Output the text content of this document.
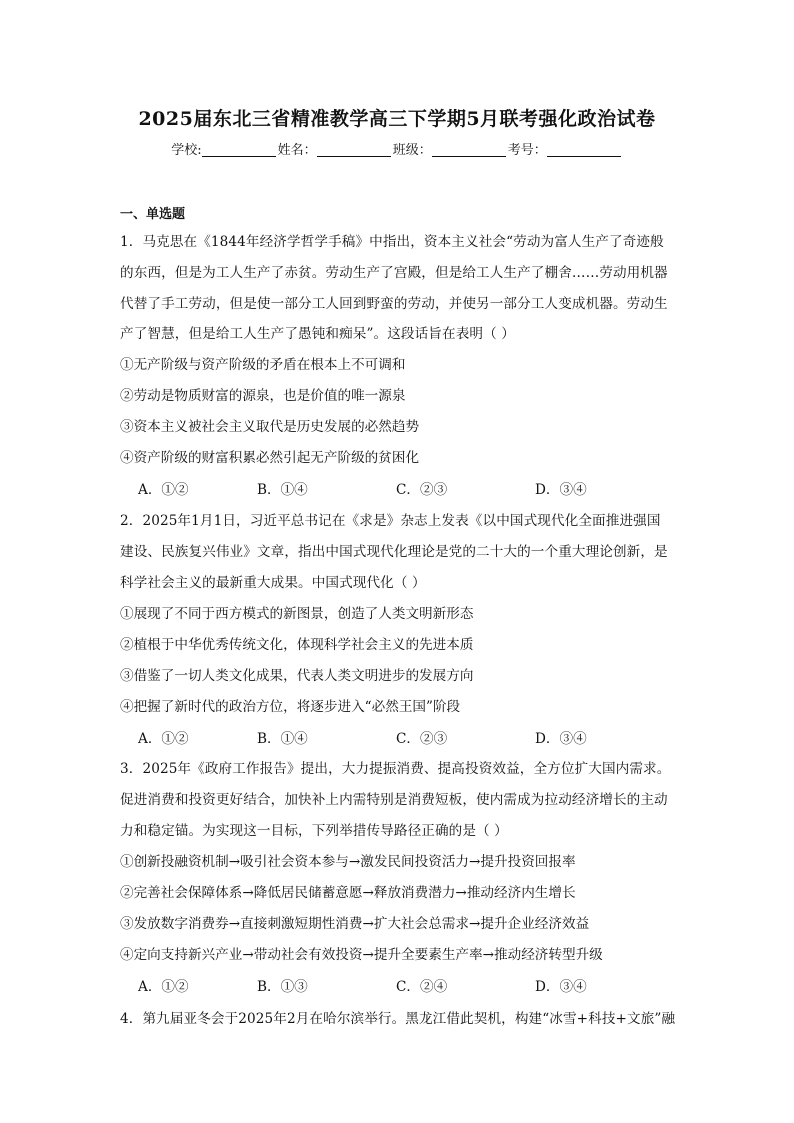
2025届东北三省精准教学高三下学期5月联考强化政治试卷
学校:	姓名：	班级：	考号：
一、单选题
1．马克思在《1844年经济学哲学手稿》中指出，资本主义社会“劳动为富人生产了奇迹般
的东西，但是为工人生产了赤贫。劳动生产了宫殿，但是给工人生产了棚舍……劳动用机器
代替了手工劳动，但是使一部分工人回到野蛮的劳动，并使另一部分工人变成机器。劳动生
产了智慧，但是给工人生产了愚钝和痴呆”。这段话旨在表明（ ）
①无产阶级与资产阶级的矛盾在根本上不可调和
②劳动是物质财富的源泉，也是价值的唯一源泉
③资本主义被社会主义取代是历史发展的必然趋势
④资产阶级的财富积累必然引起无产阶级的贫困化
A．①②	B．①④	C．②③	D．③④
2．2025年1月1日，习近平总书记在《求是》杂志上发表《以中国式现代化全面推进强国
建设、民族复兴伟业》文章，指出中国式现代化理论是党的二十大的一个重大理论创新，是
科学社会主义的最新重大成果。中国式现代化（ ）
①展现了不同于西方模式的新图景，创造了人类文明新形态
②植根于中华优秀传统文化，体现科学社会主义的先进本质
③借鉴了一切人类文化成果，代表人类文明进步的发展方向
④把握了新时代的政治方位，将逐步进入“必然王国”阶段
A．①②	B．①④	C．②③	D．③④
3．2025年《政府工作报告》提出，大力提振消费、提高投资效益，全方位扩大国内需求。
促进消费和投资更好结合，加快补上内需特别是消费短板，使内需成为拉动经济增长的主动
力和稳定锚。为实现这一目标，下列举措传导路径正确的是（ ）
①创新投融资机制→吸引社会资本参与→激发民间投资活力→提升投资回报率
②完善社会保障体系→降低居民储蓄意愿→释放消费潜力→推动经济内生增长
③发放数字消费券→直接刺激短期性消费→扩大社会总需求→提升企业经济效益
④定向支持新兴产业→带动社会有效投资→提升全要素生产率→推动经济转型升级
A．①②	B．①③	C．②④	D．③④
4．第九届亚冬会于2025年2月在哈尔滨举行。黑龙江借此契机，构建“冰雪+科技+文旅”融
